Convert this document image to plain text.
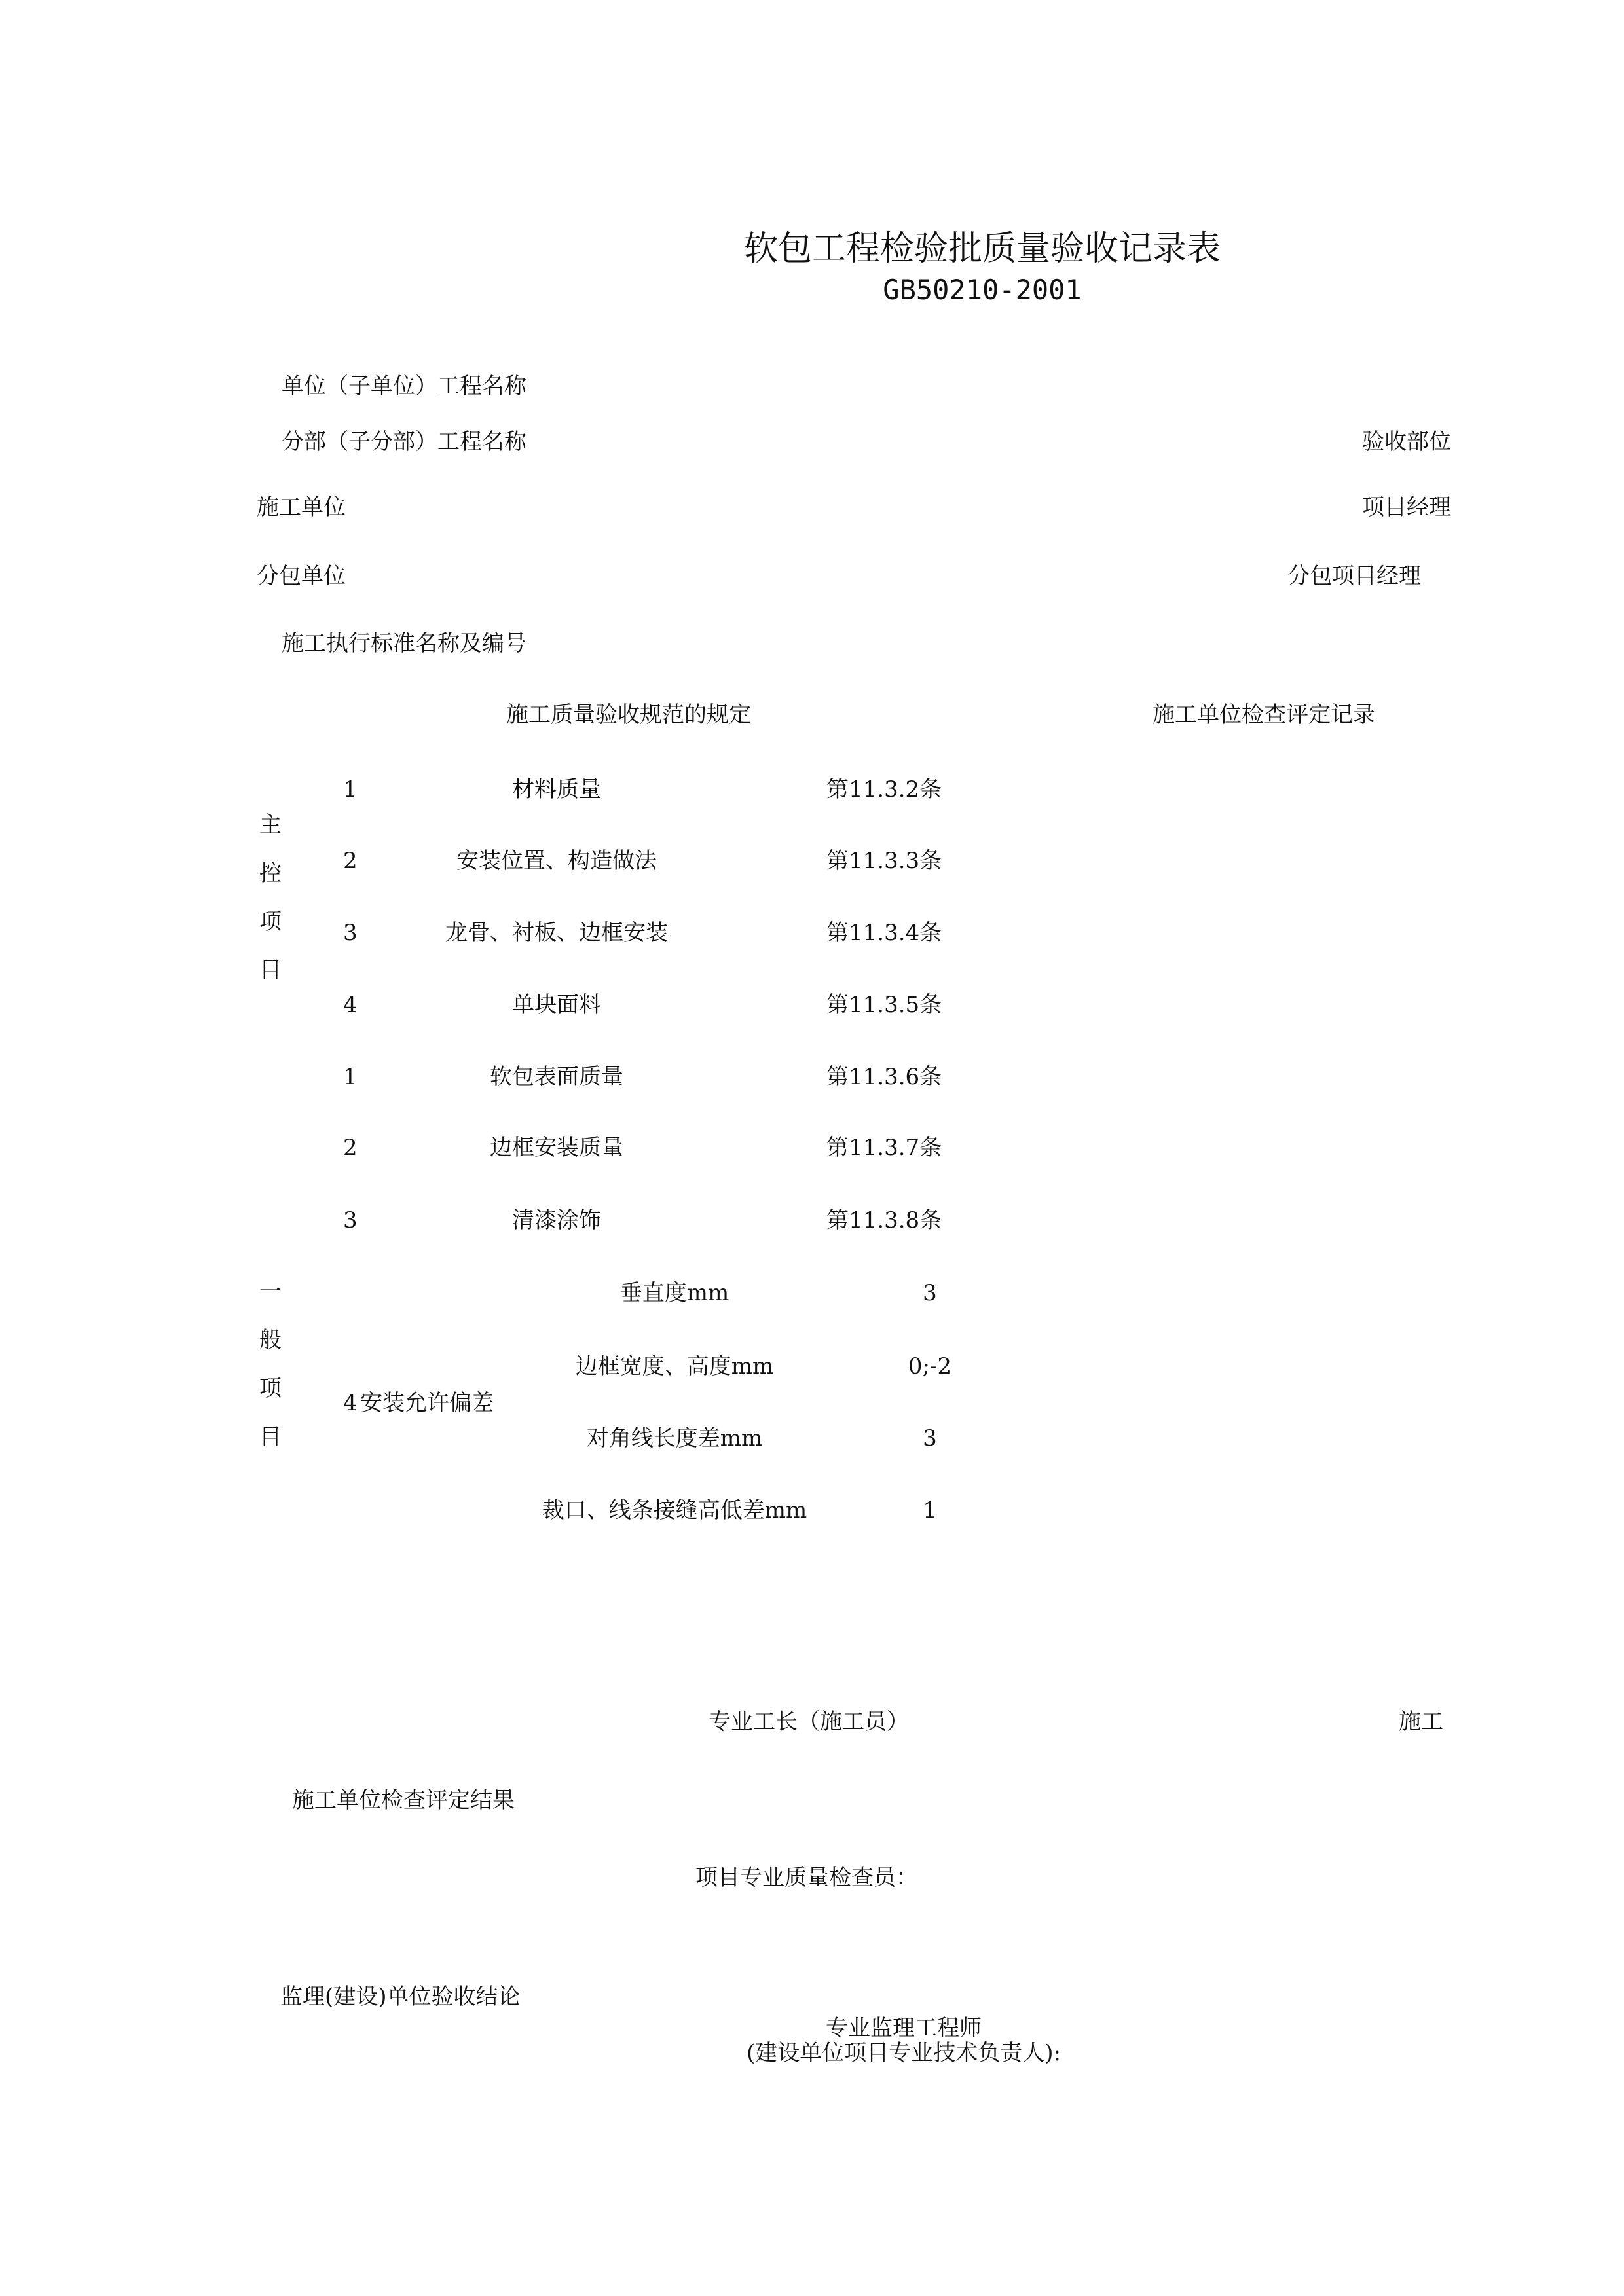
软包工程检验批质量验收记录表
GB50210-2001
单位（子单位）工程名称
分部（子分部）工程名称	验收部位
施工单位	项目经理
分包单位	分包项目经理
施工执行标准名称及编号
施工质量验收规范的规定	施工单位检查评定记录
主
控
项
目
1	材料质量	第11.3.2条
2	安装位置、构造做法	第11.3.3条
3	龙骨、衬板、边框安装	第11.3.4条
4	单块面料	第11.3.5条
1	软包表面质量	第11.3.6条
2	边框安装质量	第11.3.7条
3	清漆涂饰	第11.3.8条
一
般
项
目
4 安装允许偏差
垂直度mm	3
边框宽度、高度mm	0;-2
对角线长度差mm	3
裁口、线条接缝高低差mm	1
专业工长（施工员）	施工
施工单位检查评定结果
项目专业质量检查员：
监理(建设)单位验收结论
专业监理工程师
(建设单位项目专业技术负责人):
